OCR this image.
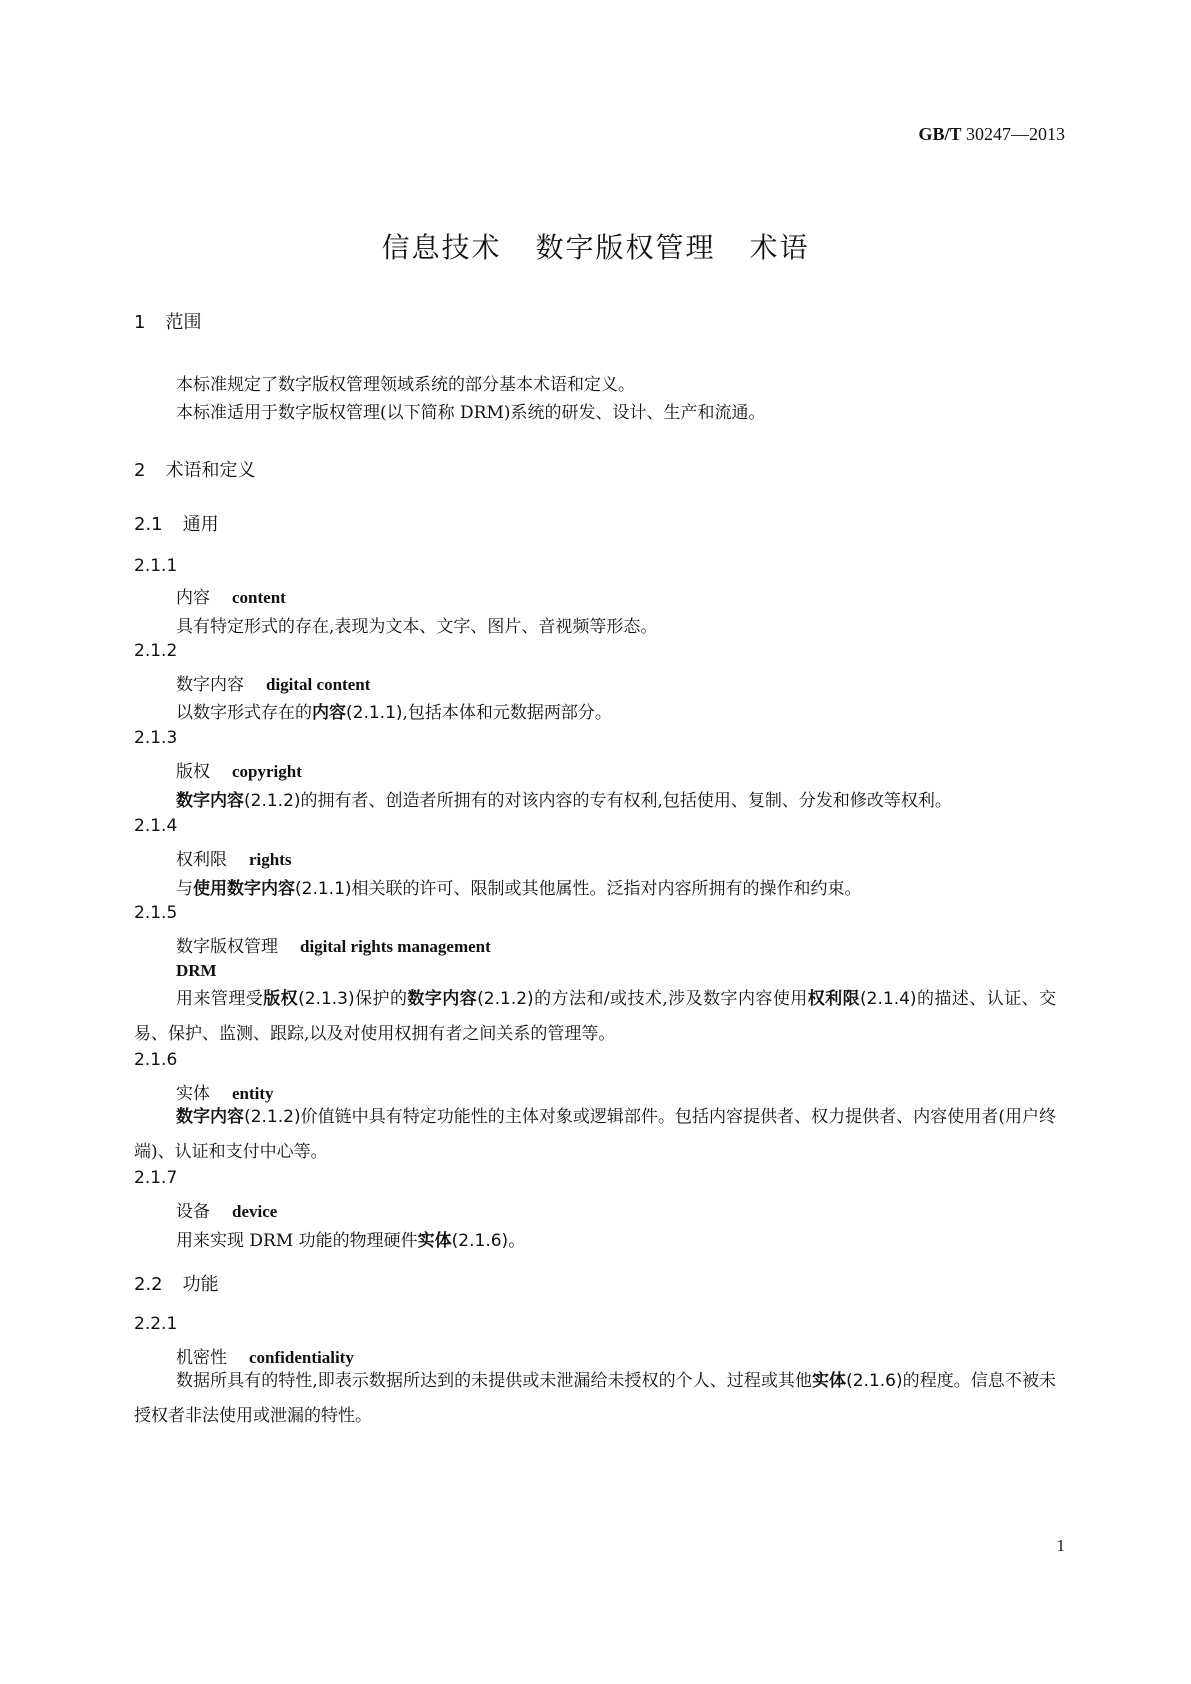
GB/T 30247—2013
信息技术 数字版权管理 术语
1 范围
本标准规定了数字版权管理领域系统的部分基本术语和定义。
本标准适用于数字版权管理(以下简称 DRM)系统的研发、设计、生产和流通。
2 术语和定义
2.1 通用
2.1.1
内容 content
具有特定形式的存在,表现为文本、文字、图片、音视频等形态。
2.1.2
数字内容 digital content
以数字形式存在的内容(2.1.1),包括本体和元数据两部分。
2.1.3
版权 copyright
数字内容(2.1.2)的拥有者、创造者所拥有的对该内容的专有权利,包括使用、复制、分发和修改等权利。
2.1.4
权利限 rights
与使用数字内容(2.1.1)相关联的许可、限制或其他属性。泛指对内容所拥有的操作和约束。
2.1.5
数字版权管理 digital rights management
DRM
用来管理受版权(2.1.3)保护的数字内容(2.1.2)的方法和/或技术,涉及数字内容使用权利限(2.1.4)的描述、认证、交易、保护、监测、跟踪,以及对使用权拥有者之间关系的管理等。
2.1.6
实体 entity
数字内容(2.1.2)价值链中具有特定功能性的主体对象或逻辑部件。包括内容提供者、权力提供者、内容使用者(用户终端)、认证和支付中心等。
2.1.7
设备 device
用来实现 DRM 功能的物理硬件实体(2.1.6)。
2.2 功能
2.2.1
机密性 confidentiality
数据所具有的特性,即表示数据所达到的未提供或未泄漏给未授权的个人、过程或其他实体(2.1.6)的程度。信息不被未授权者非法使用或泄漏的特性。
1
